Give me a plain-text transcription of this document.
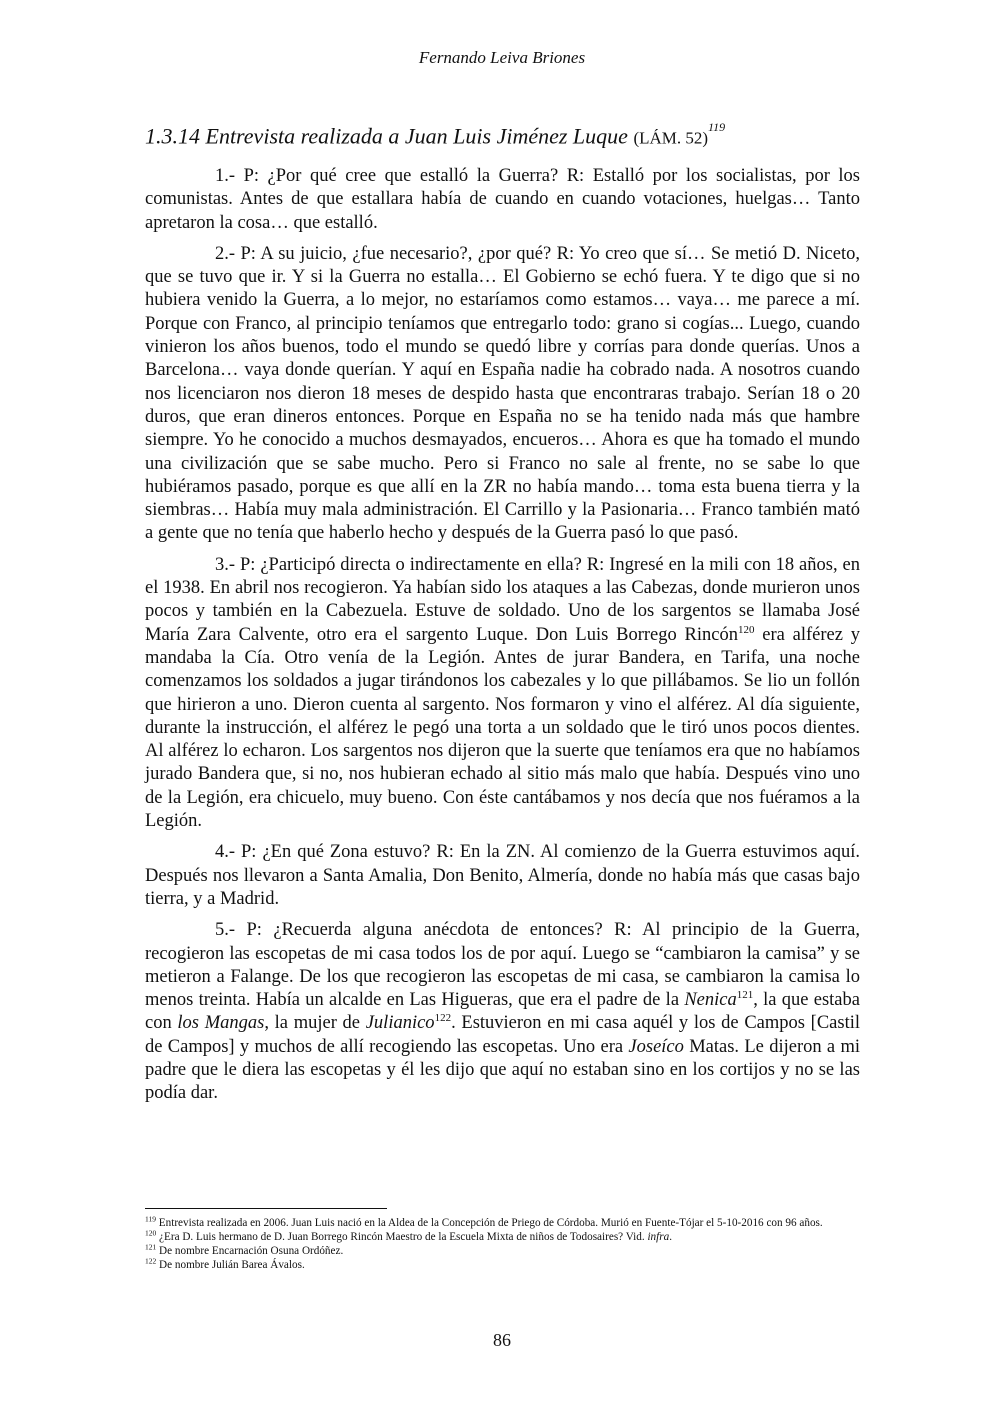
Fernando Leiva Briones
1.3.14 Entrevista realizada a Juan Luis Jiménez Luque (LÁM. 52)$^{119}$

1.- P: ¿Por qué cree que estalló la Guerra? R: Estalló por los socialistas, por los comunistas. Antes de que estallara había de cuando en cuando votaciones, huelgas… Tanto apretaron la cosa… que estalló.

2.- P: A su juicio, ¿fue necesario?, ¿por qué? R: Yo creo que sí… Se metió D. Niceto, que se tuvo que ir. Y si la Guerra no estalla… El Gobierno se echó fuera. Y te digo que si no hubiera venido la Guerra, a lo mejor, no estaríamos como estamos… vaya… me parece a mí. Porque con Franco, al principio teníamos que entregarlo todo: grano si cogías... Luego, cuando vinieron los años buenos, todo el mundo se quedó libre y corrías para donde querías. Unos a Barcelona… vaya donde querían. Y aquí en España nadie ha cobrado nada. A nosotros cuando nos licenciaron nos dieron 18 meses de despido hasta que encontraras trabajo. Serían 18 o 20 duros, que eran dineros entonces. Porque en España no se ha tenido nada más que hambre siempre. Yo he conocido a muchos desmayados, encueros… Ahora es que ha tomado el mundo una civilización que se sabe mucho. Pero si Franco no sale al frente, no se sabe lo que hubiéramos pasado, porque es que allí en la ZR no había mando… toma esta buena tierra y la siembras… Había muy mala administración. El Carrillo y la Pasionaria… Franco también mató a gente que no tenía que haberlo hecho y después de la Guerra pasó lo que pasó.

3.- P: ¿Participó directa o indirectamente en ella? R: Ingresé en la mili con 18 años, en el 1938. En abril nos recogieron. Ya habían sido los ataques a las Cabezas, donde murieron unos pocos y también en la Cabezuela. Estuve de soldado. Uno de los sargentos se llamaba José María Zara Calvente, otro era el sargento Luque. Don Luis Borrego Rincón$^{120}$ era alférez y mandaba la Cía. Otro venía de la Legión. Antes de jurar Bandera, en Tarifa, una noche comenzamos los soldados a jugar tirándonos los cabezales y lo que pillábamos. Se lio un follón que hirieron a uno. Dieron cuenta al sargento. Nos formaron y vino el alférez. Al día siguiente, durante la instrucción, el alférez le pegó una torta a un soldado que le tiró unos pocos dientes. Al alférez lo echaron. Los sargentos nos dijeron que la suerte que teníamos era que no habíamos jurado Bandera que, si no, nos hubieran echado al sitio más malo que había. Después vino uno de la Legión, era chicuelo, muy bueno. Con éste cantábamos y nos decía que nos fuéramos a la Legión.

4.- P: ¿En qué Zona estuvo? R: En la ZN. Al comienzo de la Guerra estuvimos aquí. Después nos llevaron a Santa Amalia, Don Benito, Almería, donde no había más que casas bajo tierra, y a Madrid.

5.- P: ¿Recuerda alguna anécdota de entonces? R: Al principio de la Guerra, recogieron las escopetas de mi casa todos los de por aquí. Luego se “cambiaron la camisa” y se metieron a Falange. De los que recogieron las escopetas de mi casa, se cambiaron la camisa lo menos treinta. Había un alcalde en Las Higueras, que era el padre de la Nenica$^{121}$, la que estaba con los Mangas, la mujer de Julianico$^{122}$. Estuvieron en mi casa aquél y los de Campos [Castil de Campos] y muchos de allí recogiendo las escopetas. Uno era Joseíco Matas. Le dijeron a mi padre que le diera las escopetas y él les dijo que aquí no estaban sino en los cortijos y no se las podía dar.

$^{119}$ Entrevista realizada en 2006. Juan Luis nació en la Aldea de la Concepción de Priego de Córdoba. Murió en Fuente-Tójar el 5-10-2016 con 96 años.

$^{120}$ ¿Era D. Luis hermano de D. Juan Borrego Rincón Maestro de la Escuela Mixta de niños de Todosaires? Vid. infra.

$^{121}$ De nombre Encarnación Osuna Ordóñez.

$^{122}$ De nombre Julián Barea Ávalos.

86
